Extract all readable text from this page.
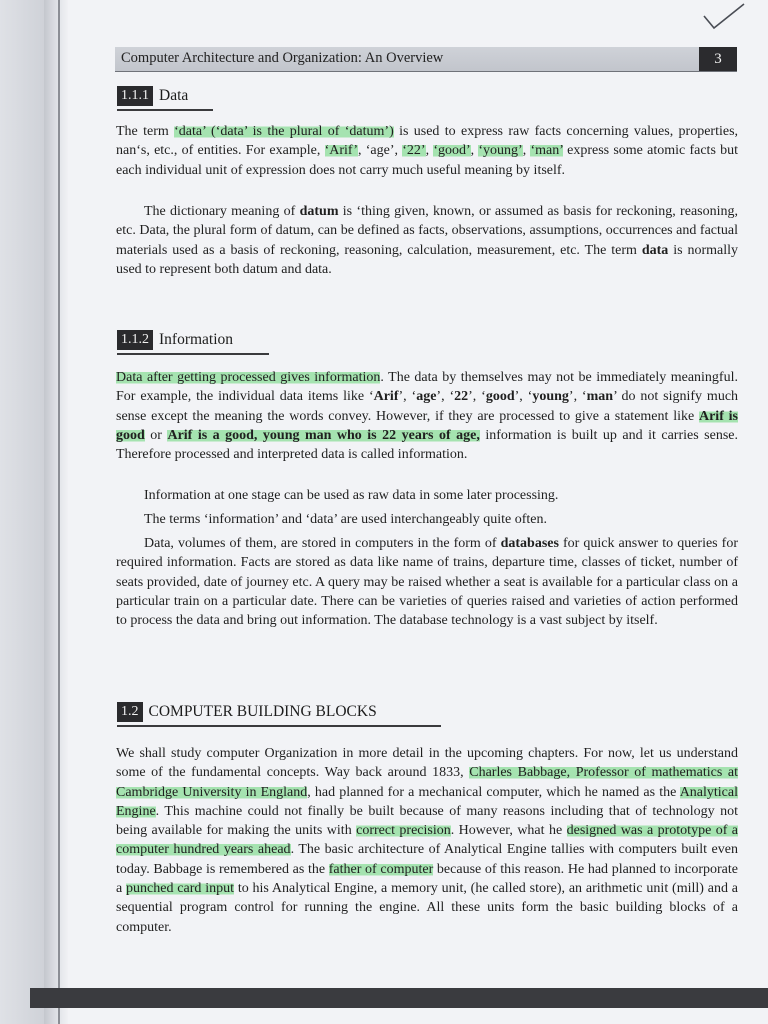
Computer Architecture and Organization: An Overview	3
1.1.1 Data

The term ‘data’ (‘data’ is the plural of ‘datum’) is used to express raw facts concerning values, properties, nan‘s, etc., of entities. For example, ‘Arif’, ‘age’, ‘22’, ‘good’, ‘young’, ‘man’ express some atomic facts but each individual unit of expression does not carry much useful meaning by itself.

The dictionary meaning of datum is ‘thing given, known, or assumed as basis for reckoning, reasoning, etc. Data, the plural form of datum, can be defined as facts, observations, assumptions, occurrences and factual materials used as a basis of reckoning, reasoning, calculation, measurement, etc. The term data is normally used to represent both datum and data.

1.1.2 Information

Data after getting processed gives information. The data by themselves may not be immediately meaningful. For example, the individual data items like ‘Arif’, ‘age’, ‘22’, ‘good’, ‘young’, ‘man’ do not signify much sense except the meaning the words convey. However, if they are processed to give a statement like Arif is good or Arif is a good, young man who is 22 years of age, information is built up and it carries sense. Therefore processed and interpreted data is called information.

Information at one stage can be used as raw data in some later processing.

The terms ‘information’ and ‘data’ are used interchangeably quite often.

Data, volumes of them, are stored in computers in the form of databases for quick answer to queries for required information. Facts are stored as data like name of trains, departure time, classes of ticket, number of seats provided, date of journey etc. A query may be raised whether a seat is available for a particular class on a particular train on a particular date. There can be varieties of queries raised and varieties of action performed to process the data and bring out information. The database technology is a vast subject by itself.

1.2 COMPUTER BUILDING BLOCKS

We shall study computer Organization in more detail in the upcoming chapters. For now, let us understand some of the fundamental concepts. Way back around 1833, Charles Babbage, Professor of mathematics at Cambridge University in England, had planned for a mechanical computer, which he named as the Analytical Engine. This machine could not finally be built because of many reasons including that of technology not being available for making the units with correct precision. However, what he designed was a prototype of a computer hundred years ahead. The basic architecture of Analytical Engine tallies with computers built even today. Babbage is remembered as the father of computer because of this reason. He had planned to incorporate a punched card input to his Analytical Engine, a memory unit, (he called store), an arithmetic unit (mill) and a sequential program control for running the engine. All these units form the basic building blocks of a computer.
